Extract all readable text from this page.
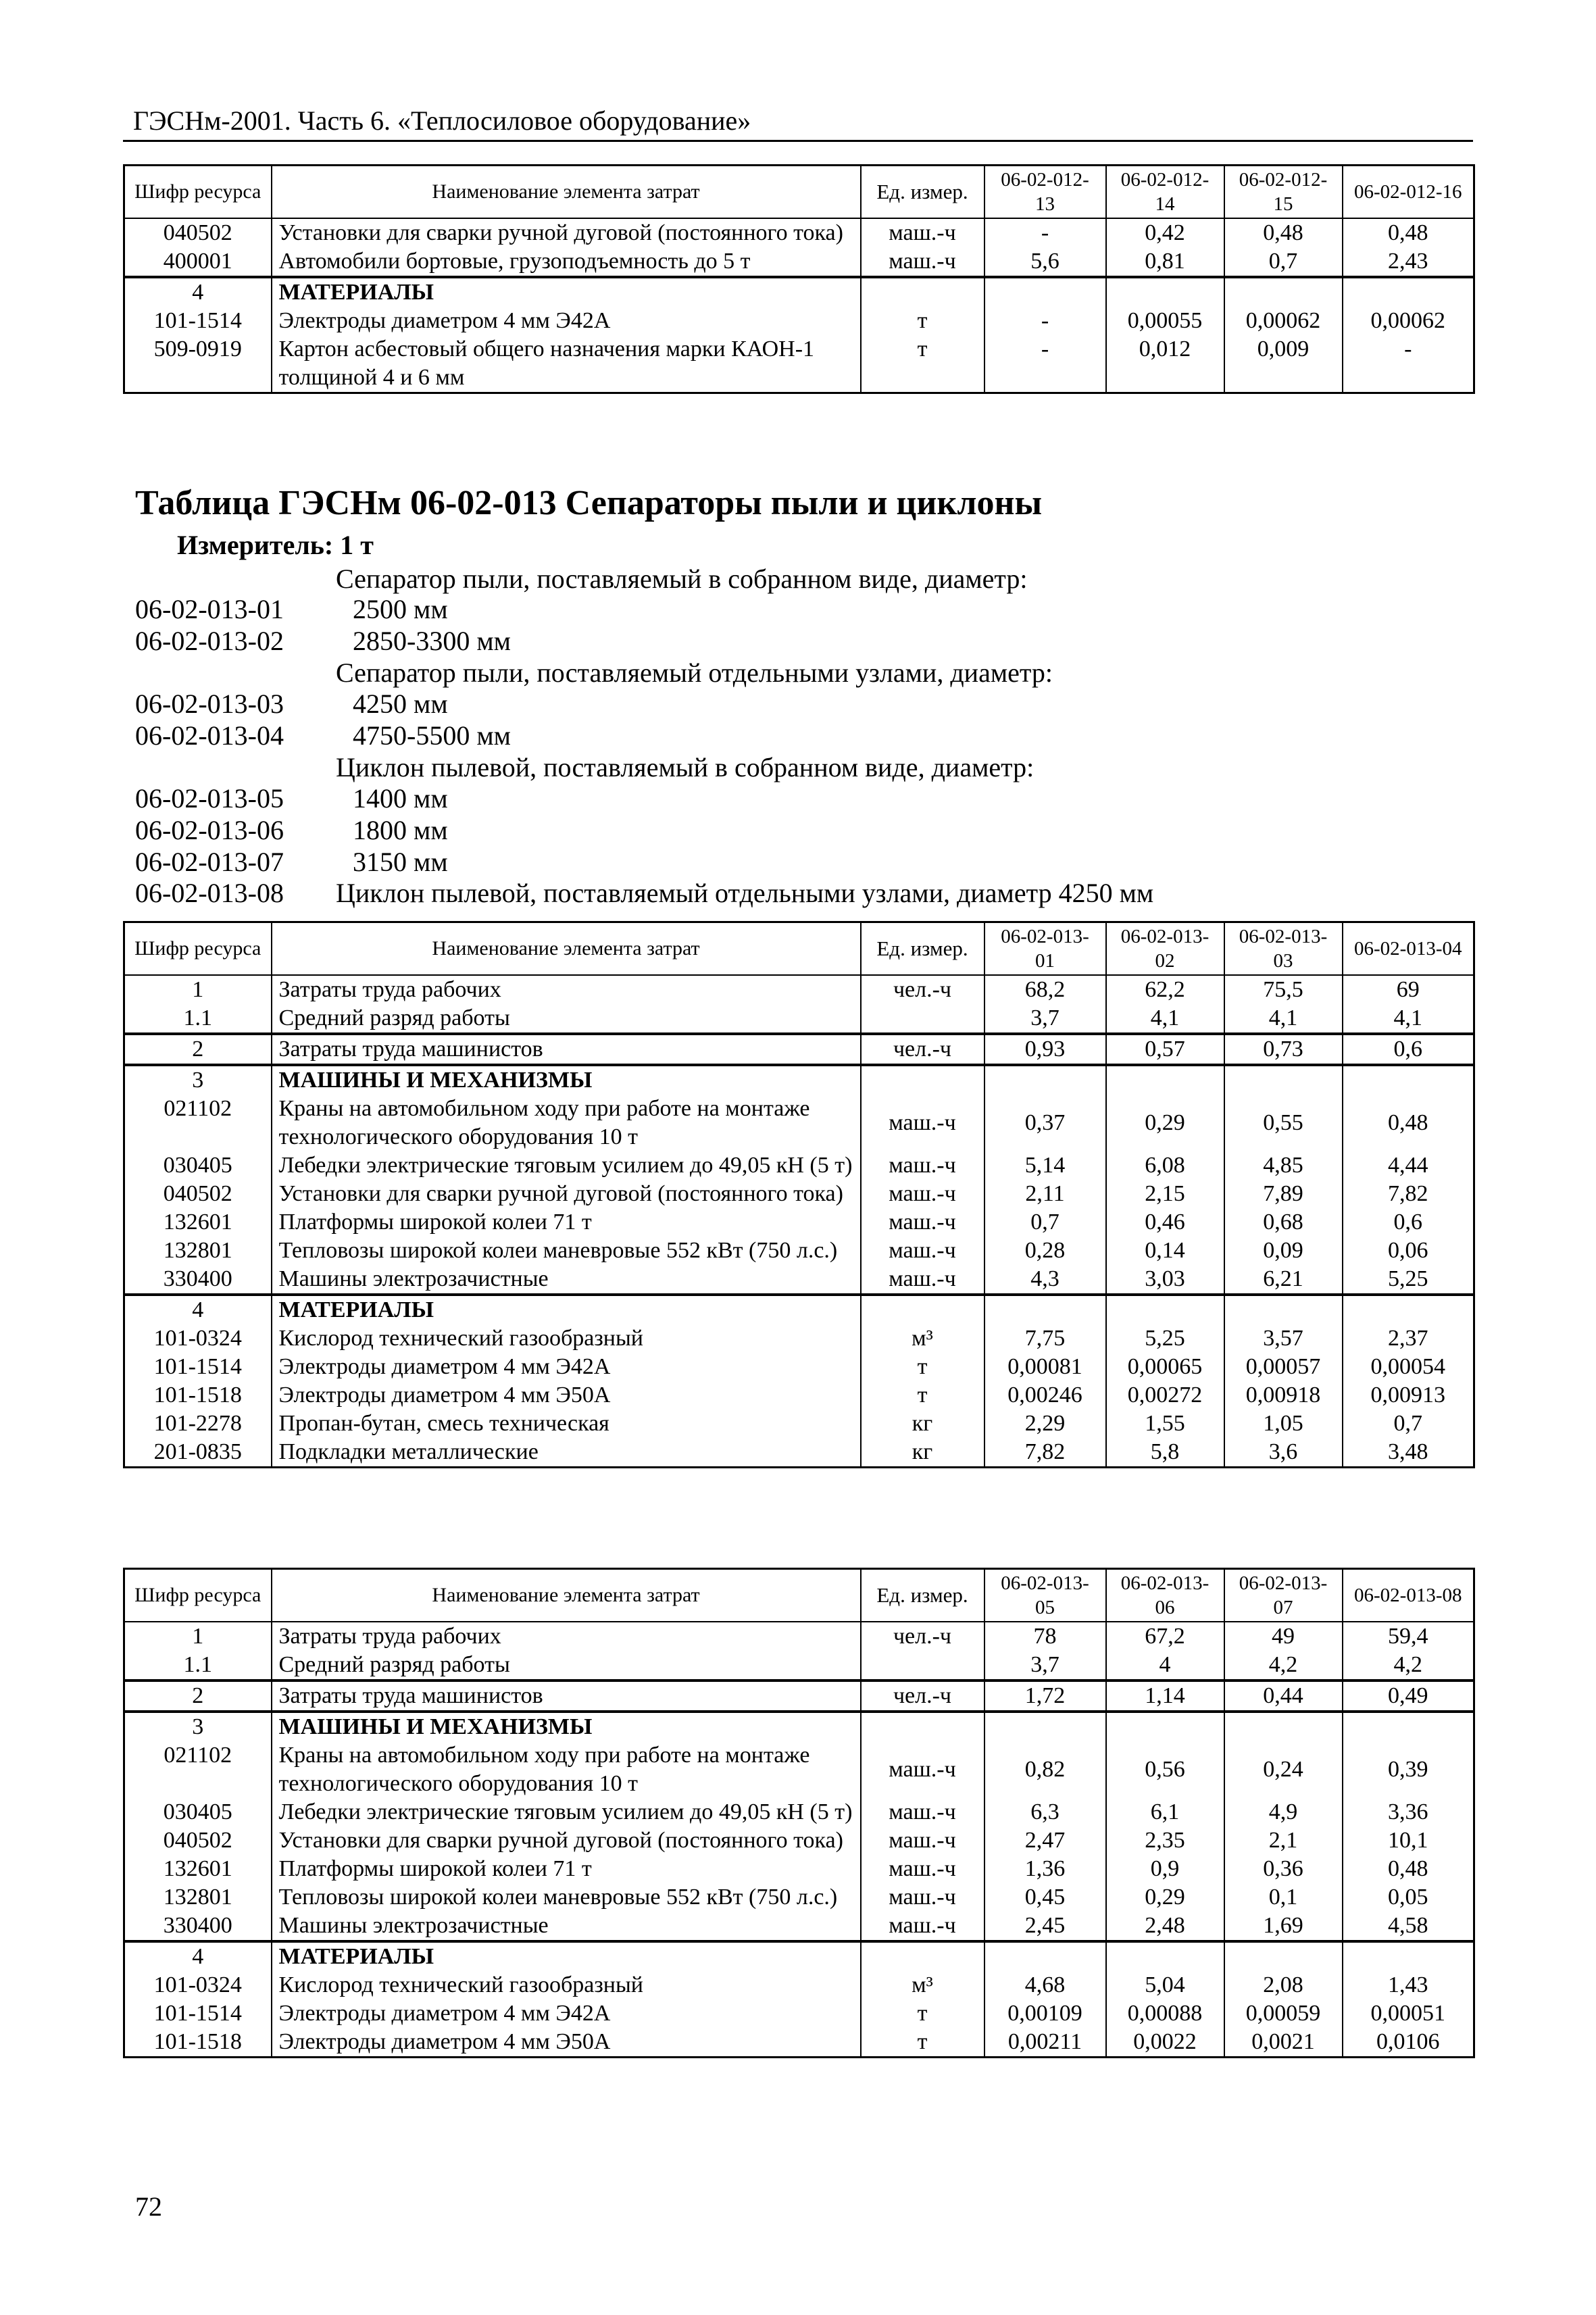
ГЭСНм-2001. Часть 6. «Теплосиловое оборудование»
Шифр ресурса	Наименование элемента затрат	Ед. измер.	06-02-012-13	06-02-012-14	06-02-012-15	06-02-012-16
040502	Установки для сварки ручной дуговой (постоянного тока)	маш.-ч	-	0,42	0,48	0,48
400001	Автомобили бортовые, грузоподъемность до 5 т	маш.-ч	5,6	0,81	0,7	2,43
4	МАТЕРИАЛЫ					
101-1514	Электроды диаметром 4 мм Э42А	т	-	0,00055	0,00062	0,00062
509-0919	Картон асбестовый общего назначения марки КАОН-1 толщиной 4 и 6 мм	т	-	0,012	0,009	-
Таблица ГЭСНм 06-02-013 Сепараторы пыли и циклоны
Измеритель: 1 т
Сепаратор пыли, поставляемый в собранном виде, диаметр:
06-02-013-01	2500 мм
06-02-013-02	2850-3300 мм
Сепаратор пыли, поставляемый отдельными узлами, диаметр:
06-02-013-03	4250 мм
06-02-013-04	4750-5500 мм
Циклон пылевой, поставляемый в собранном виде, диаметр:
06-02-013-05	1400 мм
06-02-013-06	1800 мм
06-02-013-07	3150 мм
06-02-013-08 Циклон пылевой, поставляемый отдельными узлами, диаметр 4250 мм
Шифр ресурса	Наименование элемента затрат	Ед. измер.	06-02-013-01	06-02-013-02	06-02-013-03	06-02-013-04
1	Затраты труда рабочих	чел.-ч	68,2	62,2	75,5	69
1.1	Средний разряд работы		3,7	4,1	4,1	4,1
2	Затраты труда машинистов	чел.-ч	0,93	0,57	0,73	0,6
3	МАШИНЫ И МЕХАНИЗМЫ					
021102	Краны на автомобильном ходу при работе на монтаже технологического оборудования 10 т	маш.-ч	0,37	0,29	0,55	0,48
030405	Лебедки электрические тяговым усилием до 49,05 кН (5 т)	маш.-ч	5,14	6,08	4,85	4,44
040502	Установки для сварки ручной дуговой (постоянного тока)	маш.-ч	2,11	2,15	7,89	7,82
132601	Платформы широкой колеи 71 т	маш.-ч	0,7	0,46	0,68	0,6
132801	Тепловозы широкой колеи маневровые 552 кВт (750 л.с.)	маш.-ч	0,28	0,14	0,09	0,06
330400	Машины электрозачистные	маш.-ч	4,3	3,03	6,21	5,25
4	МАТЕРИАЛЫ					
101-0324	Кислород технический газообразный	м³	7,75	5,25	3,57	2,37
101-1514	Электроды диаметром 4 мм Э42А	т	0,00081	0,00065	0,00057	0,00054
101-1518	Электроды диаметром 4 мм Э50А	т	0,00246	0,00272	0,00918	0,00913
101-2278	Пропан-бутан, смесь техническая	кг	2,29	1,55	1,05	0,7
201-0835	Подкладки металлические	кг	7,82	5,8	3,6	3,48
Шифр ресурса	Наименование элемента затрат	Ед. измер.	06-02-013-05	06-02-013-06	06-02-013-07	06-02-013-08
1	Затраты труда рабочих	чел.-ч	78	67,2	49	59,4
1.1	Средний разряд работы		3,7	4	4,2	4,2
2	Затраты труда машинистов	чел.-ч	1,72	1,14	0,44	0,49
3	МАШИНЫ И МЕХАНИЗМЫ					
021102	Краны на автомобильном ходу при работе на монтаже технологического оборудования 10 т	маш.-ч	0,82	0,56	0,24	0,39
030405	Лебедки электрические тяговым усилием до 49,05 кН (5 т)	маш.-ч	6,3	6,1	4,9	3,36
040502	Установки для сварки ручной дуговой (постоянного тока)	маш.-ч	2,47	2,35	2,1	10,1
132601	Платформы широкой колеи 71 т	маш.-ч	1,36	0,9	0,36	0,48
132801	Тепловозы широкой колеи маневровые 552 кВт (750 л.с.)	маш.-ч	0,45	0,29	0,1	0,05
330400	Машины электрозачистные	маш.-ч	2,45	2,48	1,69	4,58
4	МАТЕРИАЛЫ					
101-0324	Кислород технический газообразный	м³	4,68	5,04	2,08	1,43
101-1514	Электроды диаметром 4 мм Э42А	т	0,00109	0,00088	0,00059	0,00051
101-1518	Электроды диаметром 4 мм Э50А	т	0,00211	0,0022	0,0021	0,0106
72
